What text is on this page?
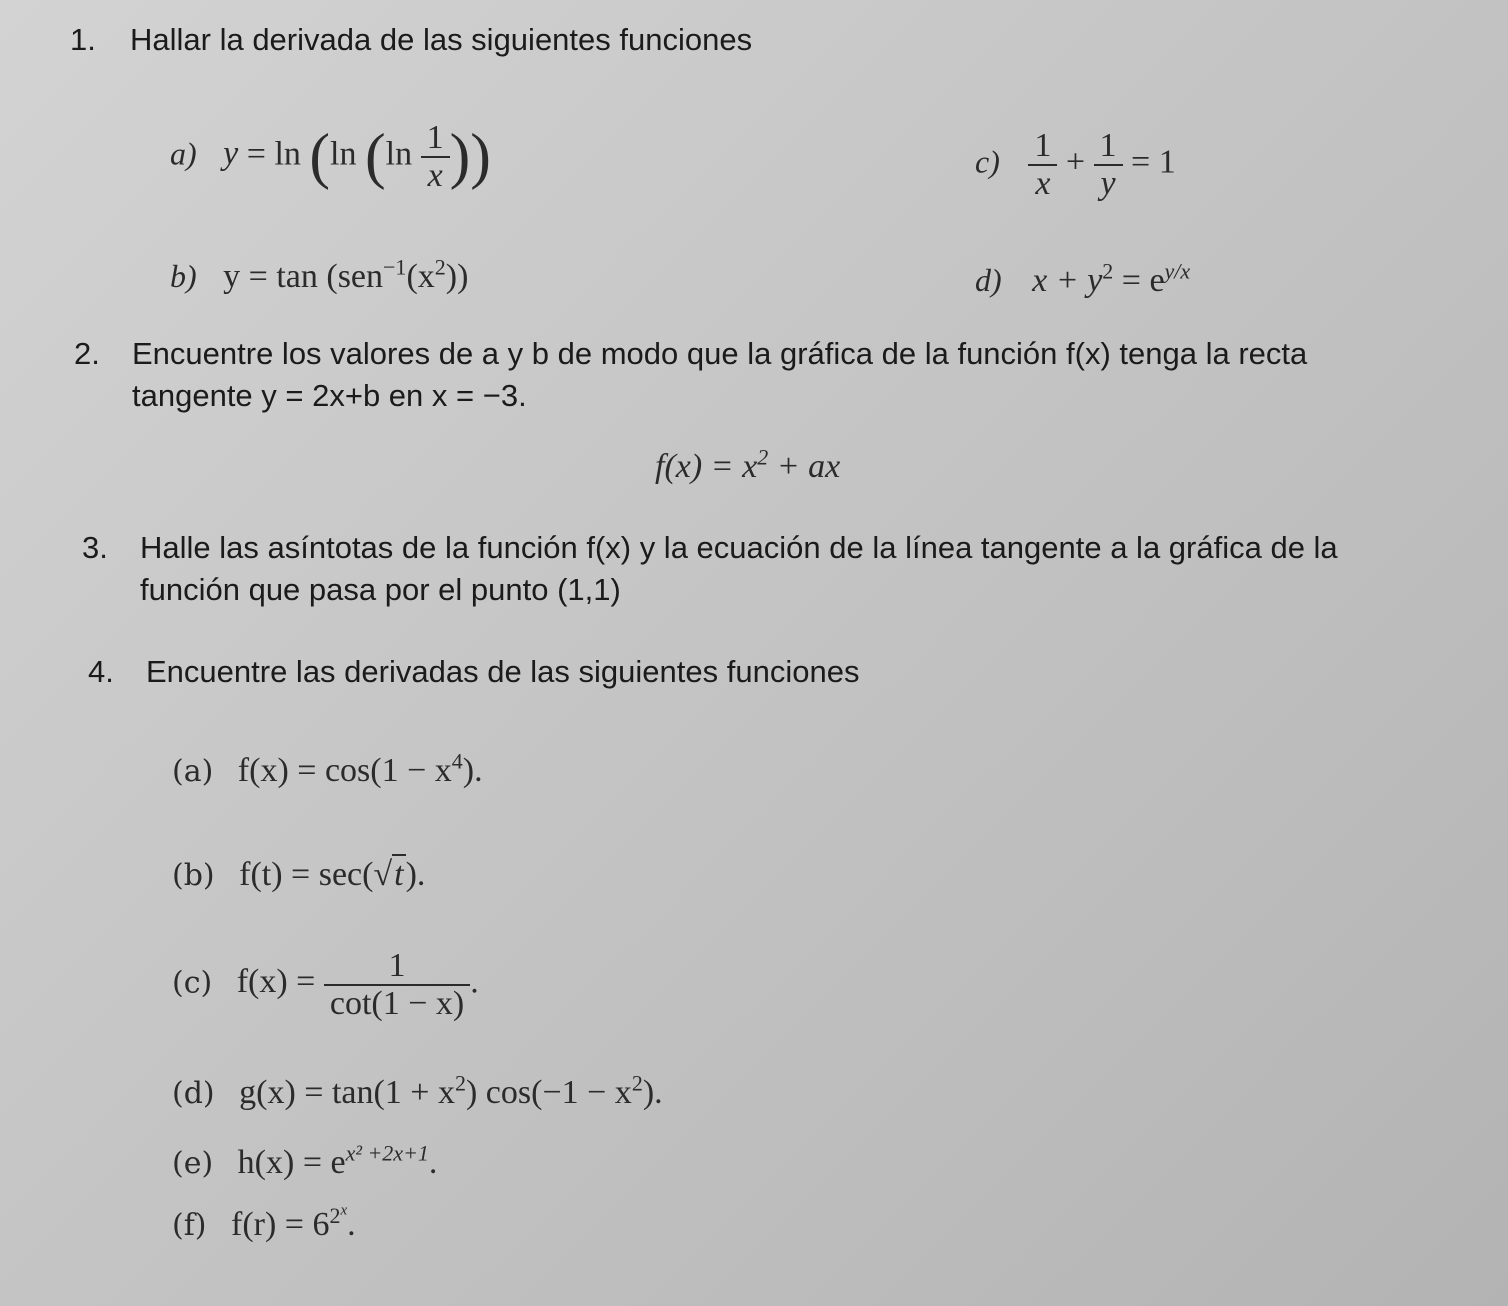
1. Hallar la derivada de las siguientes funciones
a) y = ln (ln ($\ln \frac{1}{x}$ ))	$c) \frac{1}{x} + \frac{1}{y} = 1$
b) $y = \tan (sen^{-1}(x^2))$	d) $x + y^2 = e^{y/x}$
2. Encuentre los valores de a y b de modo que la gráfica de la función f(x) tenga la recta
tangente y = 2x+b en x = −3.
$f(x) = x^2$ + ax
3. Halle las asíntotas de la función f(x) y la ecuación de la línea tangente a la gráfica de la
función que pasa por el punto (1,1)
4. Encuentre las derivadas de las siguientes funciones
(a) $f(x) = \cos(1 - x^4)$.
(b) f(t) = sec(√t).
(c) $f(x) = \frac{1}{\cot(1 - x)}$ .
(d) $g(x) = \tan(1 + x^2)$ $\cos(-1 - x^2)$.
(e) $h(x) = e^{x^2 +2x+1}$.
(f) $f(r) = 6^{2^x}$.
